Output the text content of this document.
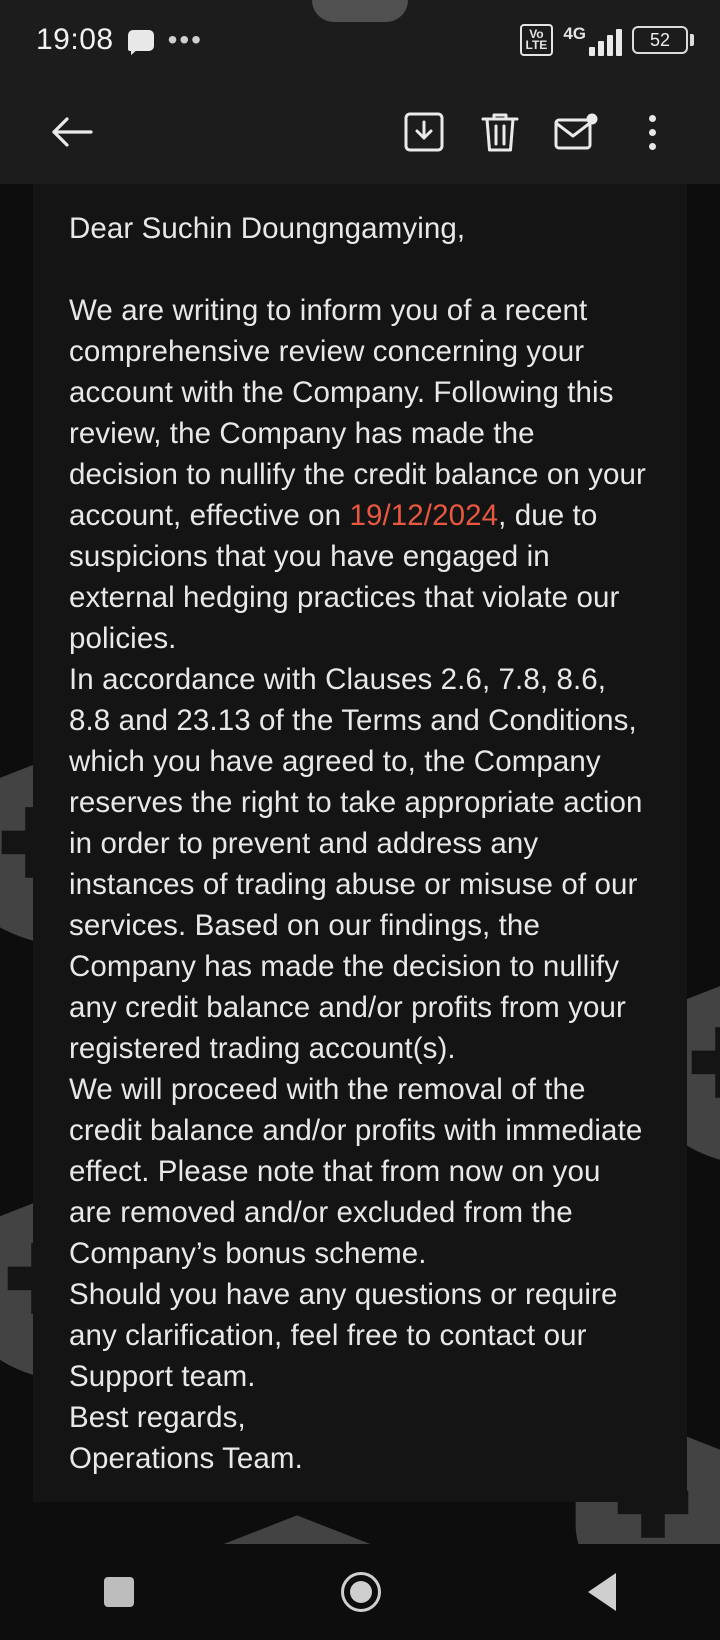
19:08 •••	Vo
LTE
4G	52

Dear Suchin Doungngamying,

We are writing to inform you of a recent comprehensive review concerning your account with the Company. Following this review, the Company has made the decision to nullify the credit balance on your account, effective on 19/12/2024, due to suspicions that you have engaged in external hedging practices that violate our policies.

In accordance with Clauses 2.6, 7.8, 8.6, 8.8 and 23.13 of the Terms and Conditions, which you have agreed to, the Company reserves the right to take appropriate action in order to prevent and address any instances of trading abuse or misuse of our services. Based on our findings, the Company has made the decision to nullify any credit balance and/or profits from your registered trading account(s).

We will proceed with the removal of the credit balance and/or profits with immediate effect. Please note that from now on you are removed and/or excluded from the Company’s bonus scheme.

Should you have any questions or require any clarification, feel free to contact our Support team.

Best regards,

Operations Team.
